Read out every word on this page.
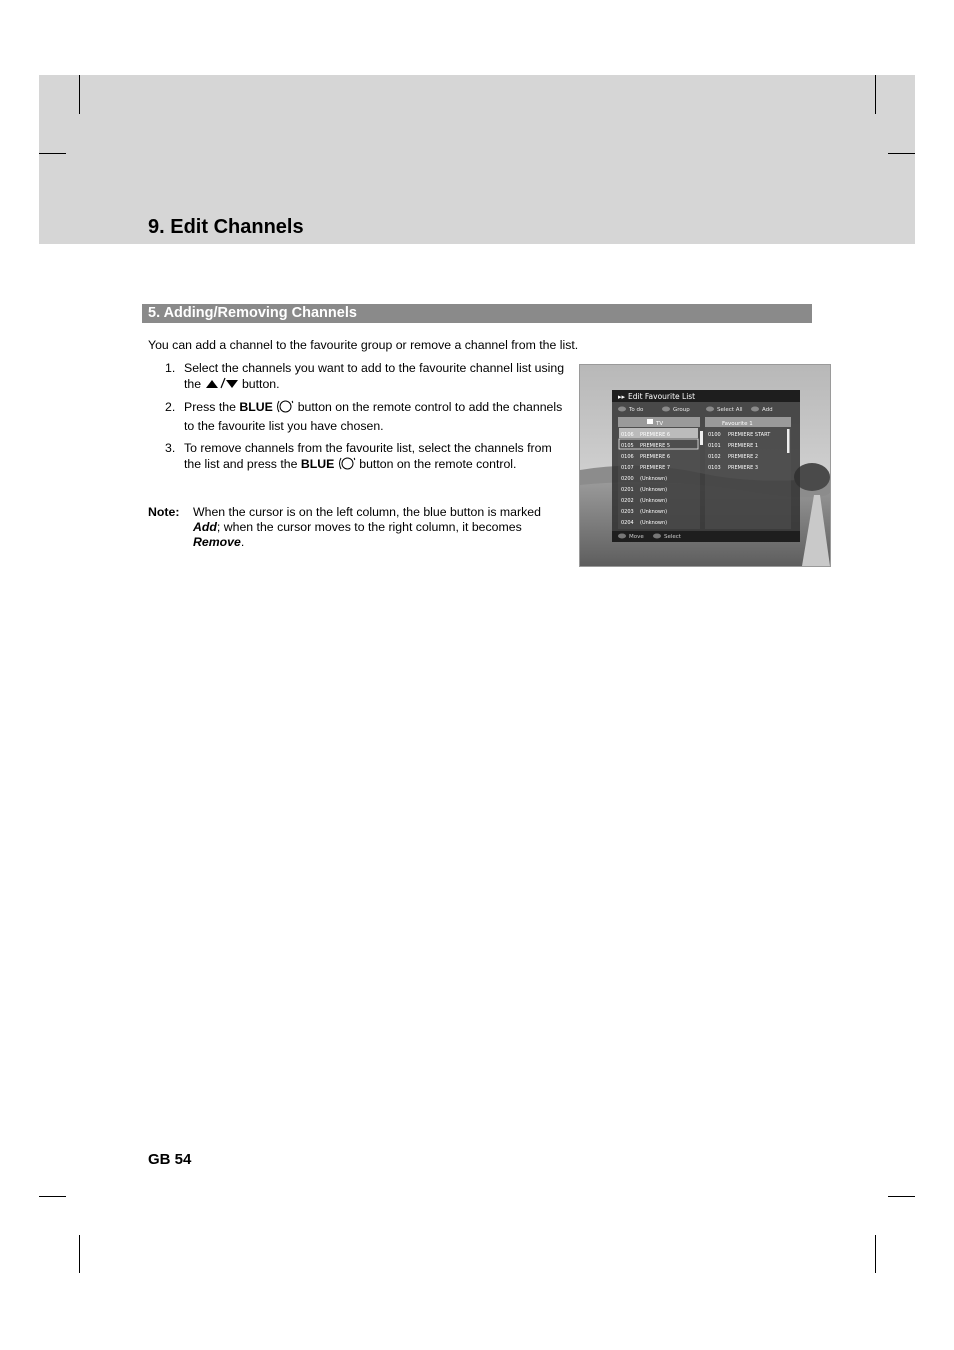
9. Edit Channels
5. Adding/Removing Channels
You can add a channel to the favourite group or remove a channel from the list.
1. Select the channels you want to add to the favourite channel list using the	button.
2. Press the BLUE button on the remote control to add the channels to the favourite list you have chosen.
3. To remove channels from the favourite list, select the channels from the list and press the BLUE button on the remote control.
Note: When the cursor is on the left column, the blue button is marked Add; when the cursor moves to the right column, it becomes Remove.
▸▸ Edit Favourite List
To do	Group	Select All	Add
TV
0106 PREMIERE 6
0105 PREMIERE 5
0106 PREMIERE 6
0107 PREMIERE 7
0200 (Unknown)
0201 (Unknown)
0202 (Unknown)
0203 (Unknown)
0204 (Unknown)
Favourite 1
0100 PREMIERE START
0101 PREMIERE 1
0102 PREMIERE 2
0103 PREMIERE 3
Move	Select
GB 54
